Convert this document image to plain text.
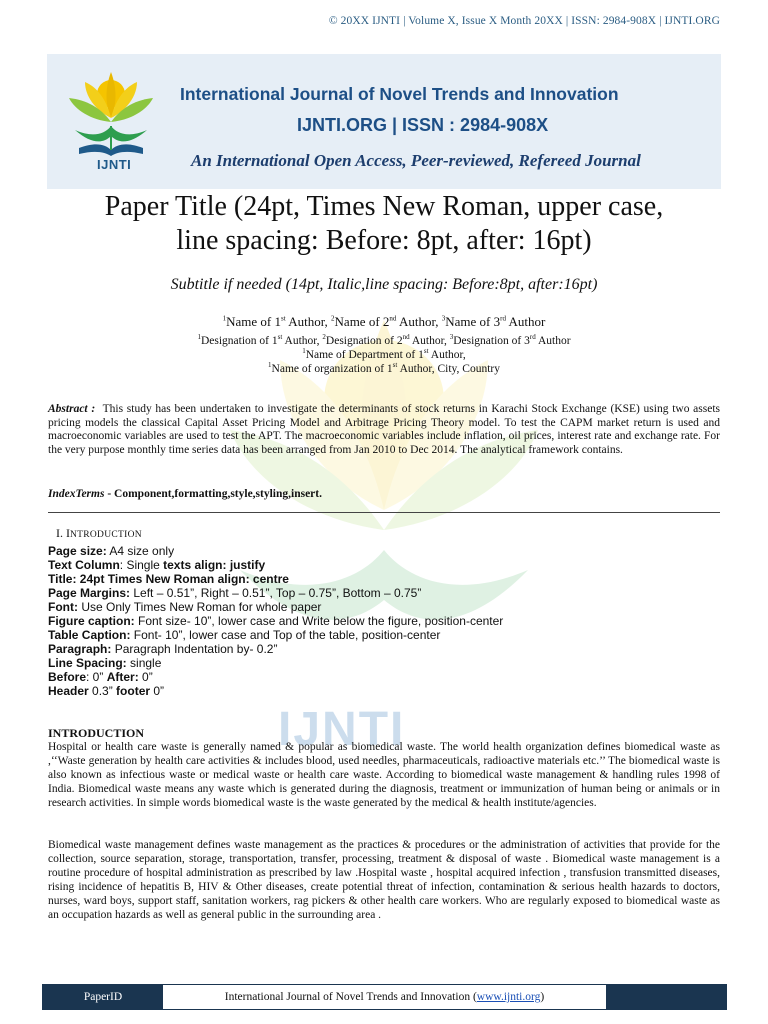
© 20XX IJNTI | Volume X, Issue X Month 20XX | ISSN: 2984-908X | IJNTI.ORG
IJNTI
International Journal of Novel Trends and Innovation
IJNTI.ORG | ISSN : 2984-908X
An International Open Access, Peer-reviewed, Refereed Journal
IJNTI
Paper Title (24pt, Times New Roman, upper case,
line spacing: Before: 8pt, after: 16pt)
Subtitle if needed (14pt, Italic,line spacing: Before:8pt, after:16pt)
$^1$Name of 1st Author, $^2$Name of 2nd Author, $^3$Name of 3rd Author
$^1$Designation of 1st Author, $^2$Designation of 2nd Author, $^3$Designation of 3rd Author
$^1$Name of Department of 1st Author,
$^1$Name of organization of 1st Author, City, Country
Abstract : This study has been undertaken to investigate the determinants of stock returns in Karachi Stock Exchange (KSE) using two assets pricing models the classical Capital Asset Pricing Model and Arbitrage Pricing Theory model. To test the CAPM market return is used and macroeconomic variables are used to test the APT. The macroeconomic variables include inflation, oil prices, interest rate and exchange rate. For the very purpose monthly time series data has been arranged from Jan 2010 to Dec 2014. The analytical framework contains.
IndexTerms - Component,formatting,style,styling,insert.
I. INTRODUCTION
Page size: A4 size only
Text Column: Single texts align: justify
Title: 24pt Times New Roman align: centre
Page Margins: Left – 0.51”, Right – 0.51”, Top – 0.75”, Bottom – 0.75”
Font: Use Only Times New Roman for whole paper
Figure caption: Font size- 10”, lower case and Write below the figure, position-center
Table Caption: Font- 10”, lower case and Top of the table, position-center
Paragraph: Paragraph Indentation by- 0.2”
Line Spacing: single
Before: 0” After: 0”
Header 0.3” footer 0”
INTRODUCTION
Hospital or health care waste is generally named & popular as biomedical waste. The world health organization defines biomedical waste as ,‘‘Waste generation by health care activities & includes blood, used needles, pharmaceuticals, radioactive materials etc.’’ The biomedical waste is also known as infectious waste or medical waste or health care waste. According to biomedical waste management & handling rules 1998 of India. Biomedical waste means any waste which is generated during the diagnosis, treatment or immunization of human being or animals or in research activities. In simple words biomedical waste is the waste generated by the medical & health institute/agencies.
Biomedical waste management defines waste management as the practices & procedures or the administration of activities that provide for the collection, source separation, storage, transportation, transfer, processing, treatment & disposal of waste . Biomedical waste management is a routine procedure of hospital administration as prescribed by law .Hospital waste , hospital acquired infection , transfusion transmitted diseases, rising incidence of hepatitis B, HIV & Other diseases, create potential threat of infection, contamination & serious health hazards to doctors, nurses, ward boys, support staff, sanitation workers, rag pickers & other health care workers. Who are regularly exposed to biomedical waste as an occupation hazards as well as general public in the surrounding area .
PaperID	International Journal of Novel Trends and Innovation ( www.ijnti.org )
